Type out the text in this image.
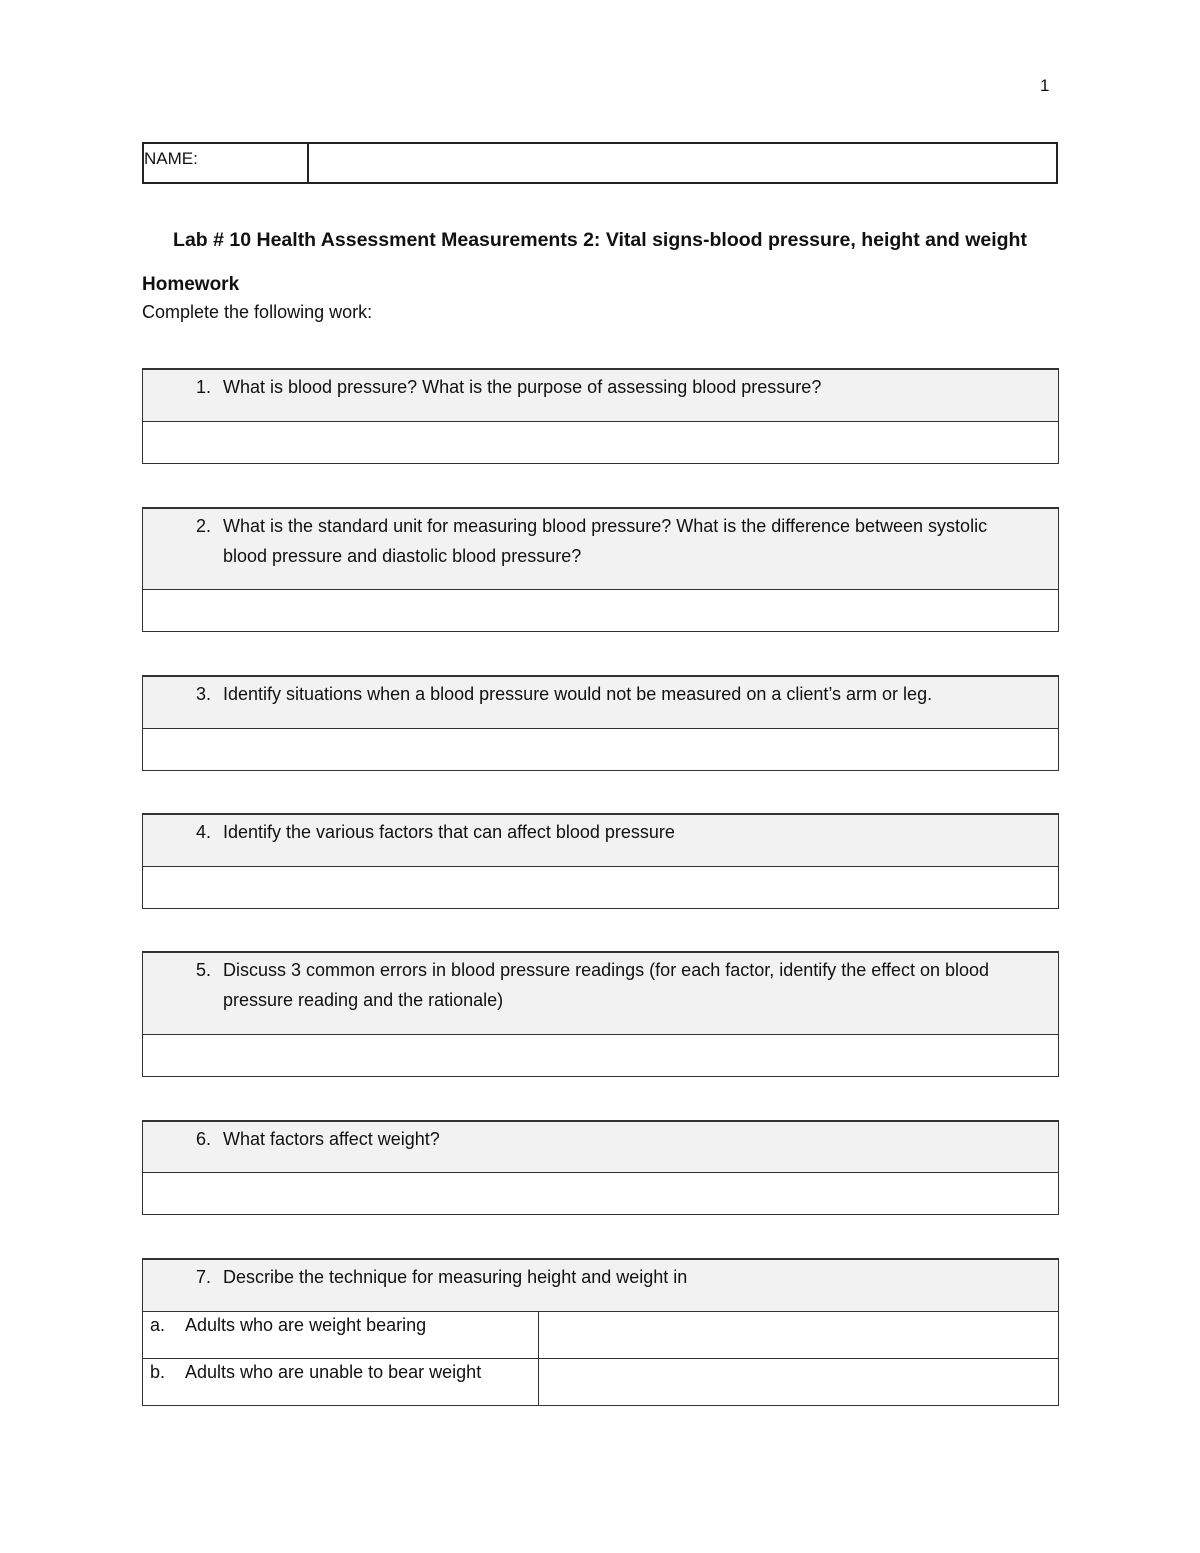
1
NAME:
Lab # 10 Health Assessment Measurements 2: Vital signs-blood pressure, height and weight
Homework
Complete the following work:
1. What is blood pressure? What is the purpose of assessing blood pressure?
2. What is the standard unit for measuring blood pressure? What is the difference between systolic blood pressure and diastolic blood pressure?
3. Identify situations when a blood pressure would not be measured on a client’s arm or leg.
4. Identify the various factors that can affect blood pressure
5. Discuss 3 common errors in blood pressure readings (for each factor, identify the effect on blood pressure reading and the rationale)
6. What factors affect weight?
7. Describe the technique for measuring height and weight in
a. Adults who are weight bearing
b. Adults who are unable to bear weight
